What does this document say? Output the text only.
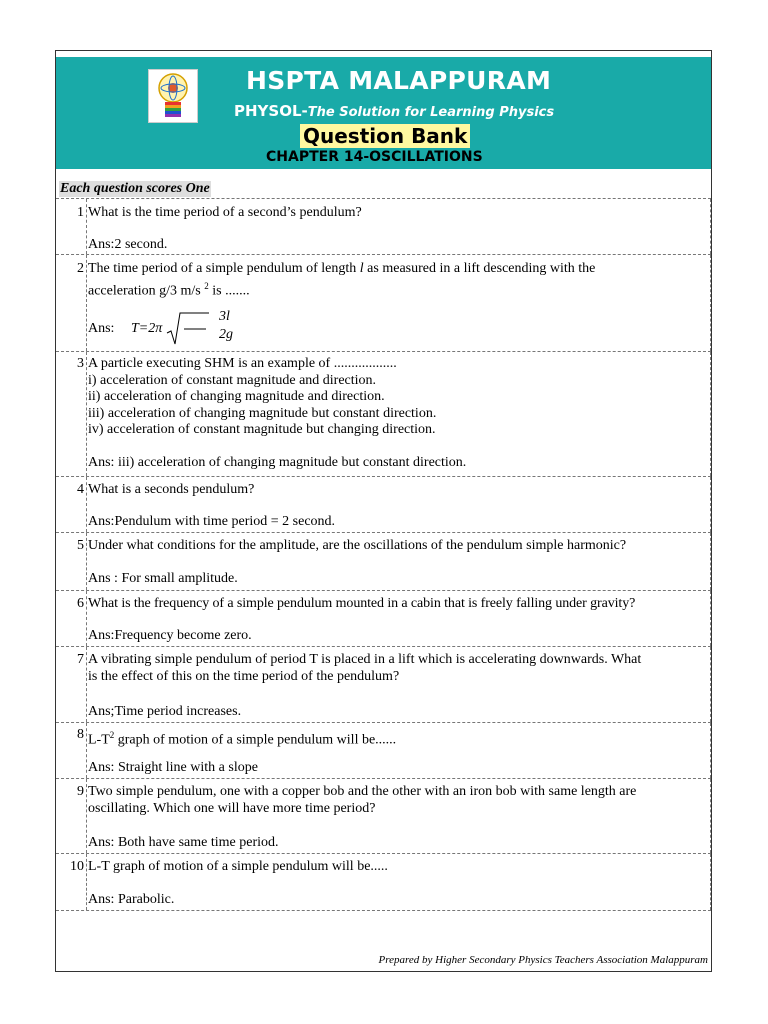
HSPTA MALAPPURAM
PHYSOL-The Solution for Learning Physics
Question Bank
CHAPTER 14-OSCILLATIONS
Each question scores One
1 What is the time period of a second’s pendulum?
Ans:2 second.
2 The time period of a simple pendulum of length l as measured in a lift descending with the
acceleration g/3 m/s $^2$ is .......
Ans:	T=2π
3l
2g
3 A particle executing SHM is an example of ..................
i) acceleration of constant magnitude and direction.
ii) acceleration of changing magnitude and direction.
iii) acceleration of changing magnitude but constant direction.
iv) acceleration of constant magnitude but changing direction.
Ans: iii) acceleration of changing magnitude but constant direction.
4 What is a seconds pendulum?
Ans:Pendulum with time period = 2 second.
5 Under what conditions for the amplitude, are the oscillations of the pendulum simple harmonic?
Ans : For small amplitude.
6 What is the frequency of a simple pendulum mounted in a cabin that is freely falling under gravity?
Ans:Frequency become zero.
7 A vibrating simple pendulum of period T is placed in a lift which is accelerating downwards. What
is the effect of this on the time period of the pendulum?
Ans;Time period increases.
8 $L-T^2$ graph of motion of a simple pendulum will be......
Ans: Straight line with a slope
9 Two simple pendulum, one with a copper bob and the other with an iron bob with same length are
oscillating. Which one will have more time period?
Ans: Both have same time period.
10 L-T graph of motion of a simple pendulum will be.....
Ans: Parabolic.
Prepared by Higher Secondary Physics Teachers Association Malappuram
